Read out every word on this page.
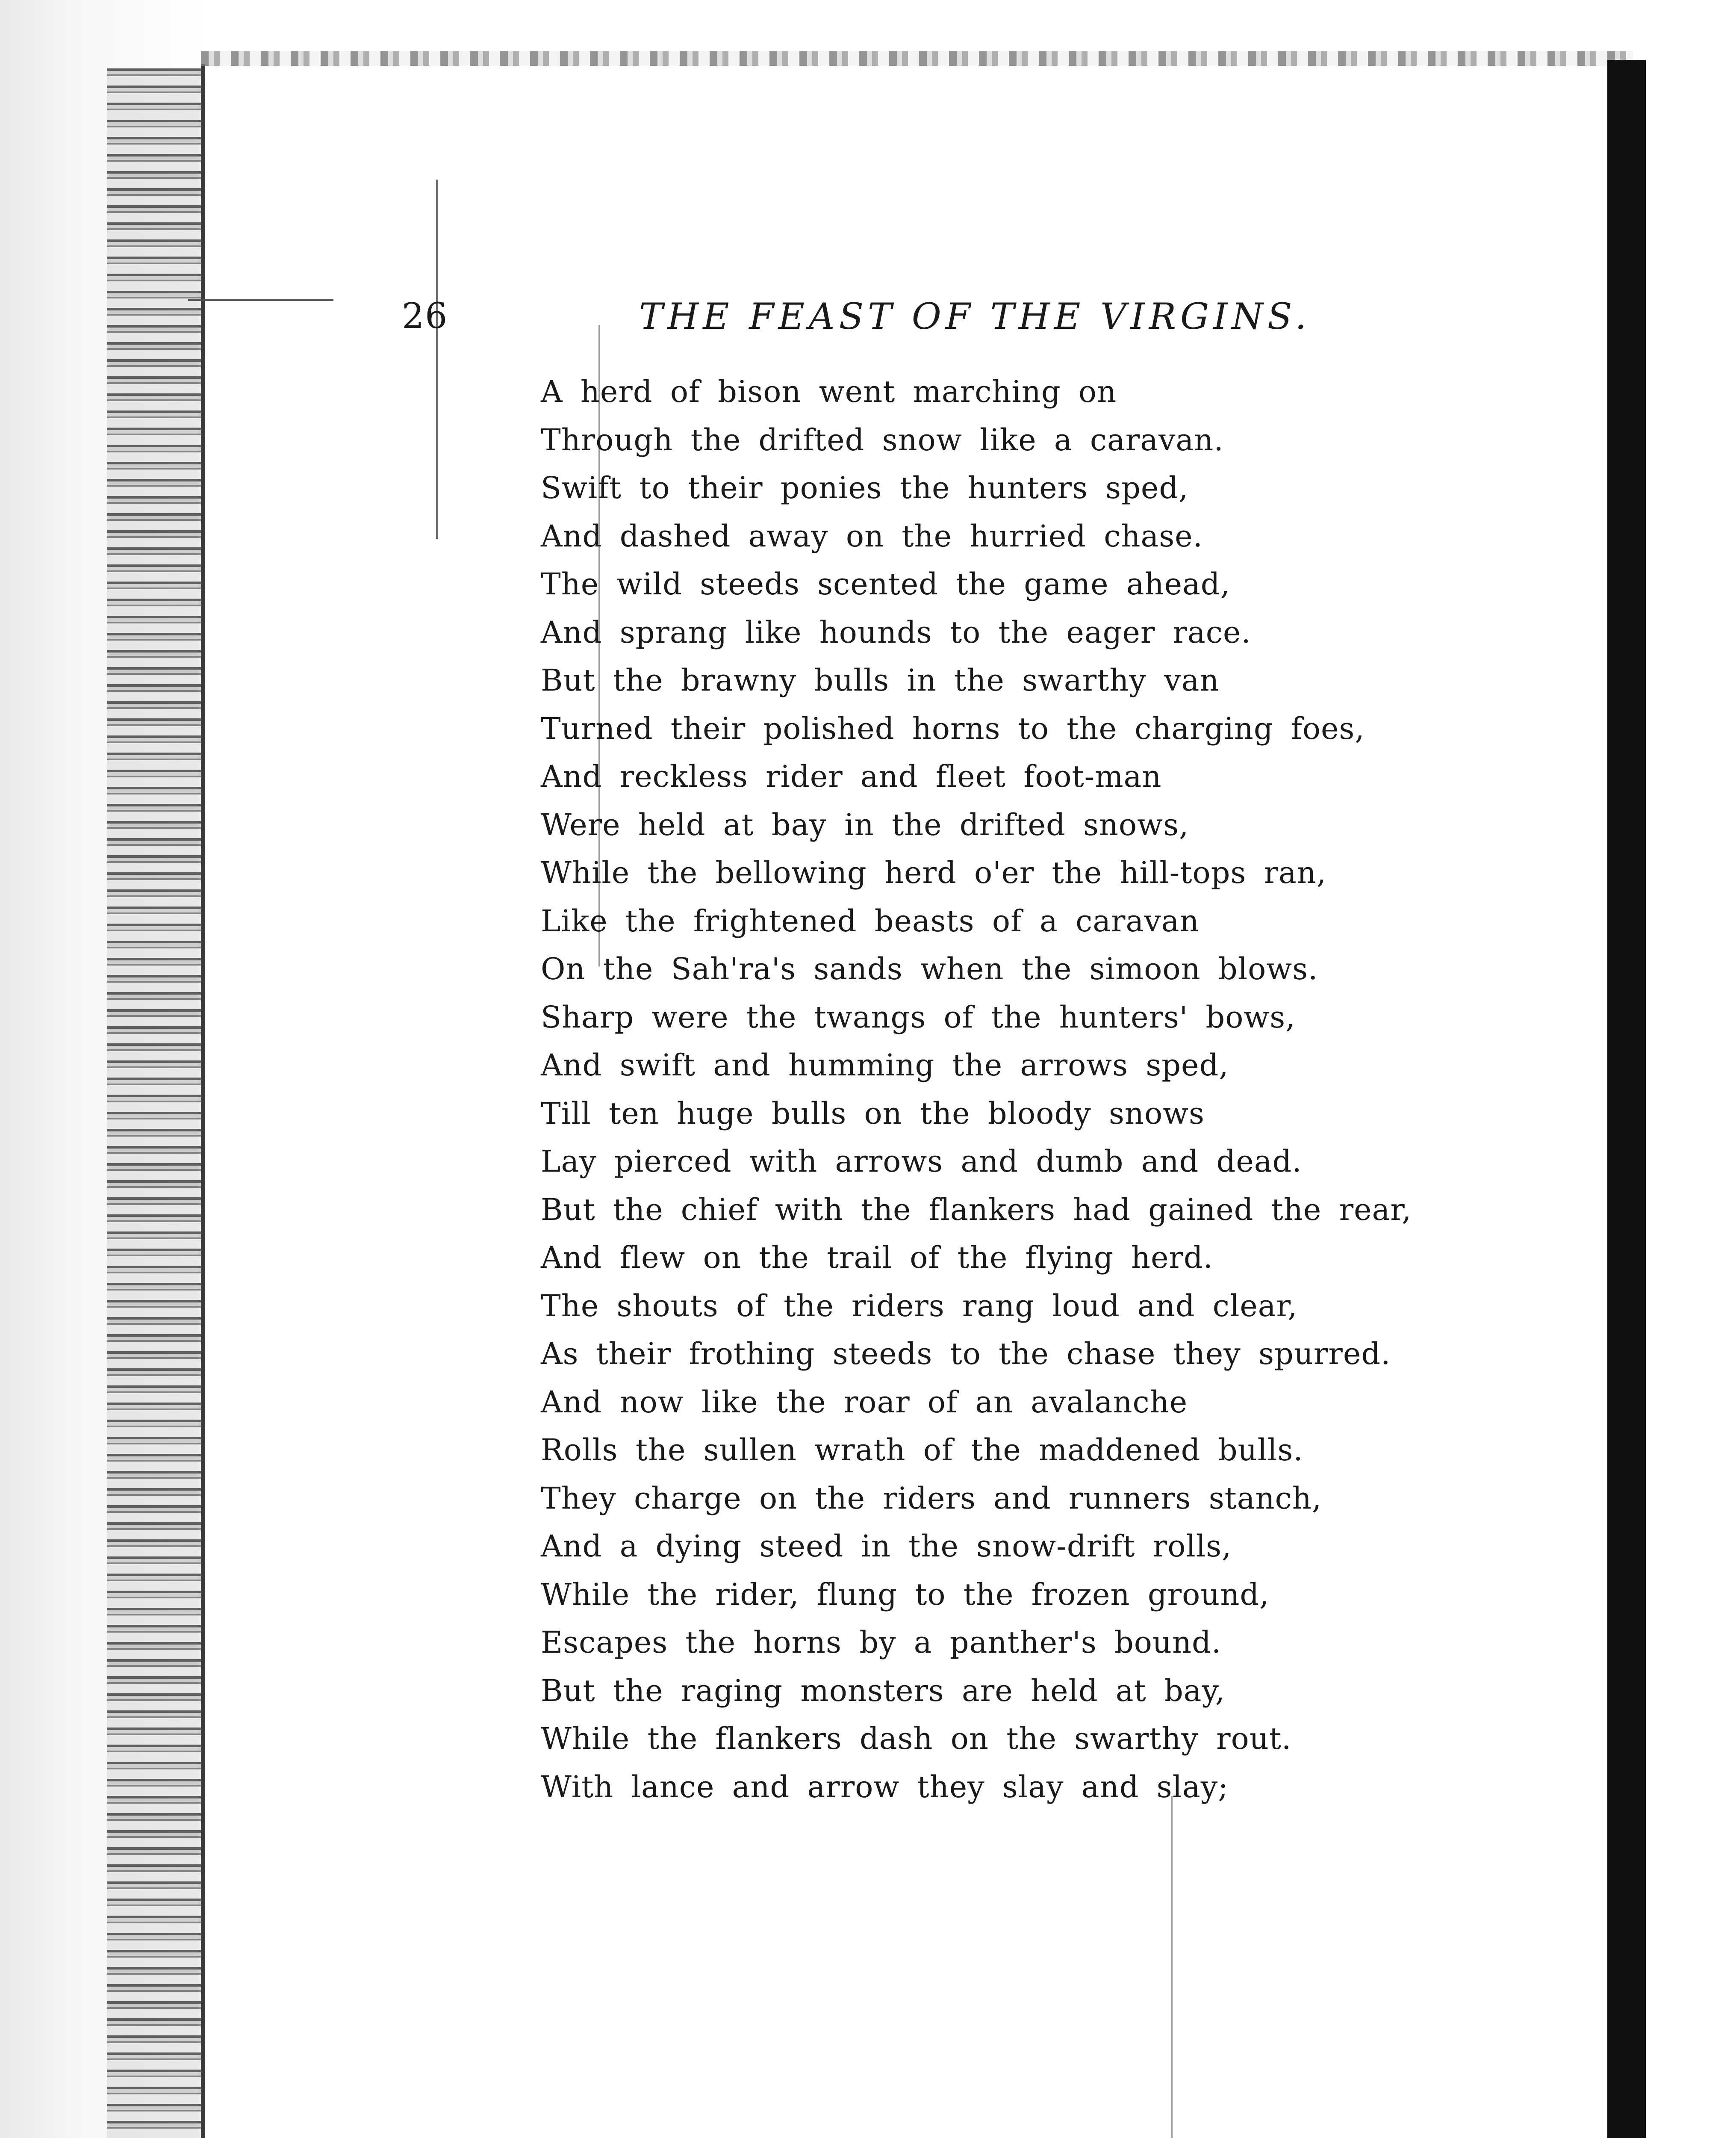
26	THE FEAST OF THE VIRGINS.
A herd of bison went marching on
Through the drifted snow like a caravan.
Swift to their ponies the hunters sped,
And dashed away on the hurried chase.
The wild steeds scented the game ahead,
And sprang like hounds to the eager race.
But the brawny bulls in the swarthy van
Turned their polished horns to the charging foes,
And reckless rider and fleet foot-man
Were held at bay in the drifted snows,
While the bellowing herd o'er the hill-tops ran,
Like the frightened beasts of a caravan
On the Sah'ra's sands when the simoon blows.
Sharp were the twangs of the hunters' bows,
And swift and humming the arrows sped,
Till ten huge bulls on the bloody snows
Lay pierced with arrows and dumb and dead.
But the chief with the flankers had gained the rear,
And flew on the trail of the flying herd.
The shouts of the riders rang loud and clear,
As their frothing steeds to the chase they spurred.
And now like the roar of an avalanche
Rolls the sullen wrath of the maddened bulls.
They charge on the riders and runners stanch,
And a dying steed in the snow-drift rolls,
While the rider, flung to the frozen ground,
Escapes the horns by a panther's bound.
But the raging monsters are held at bay,
While the flankers dash on the swarthy rout.
With lance and arrow they slay and slay;
